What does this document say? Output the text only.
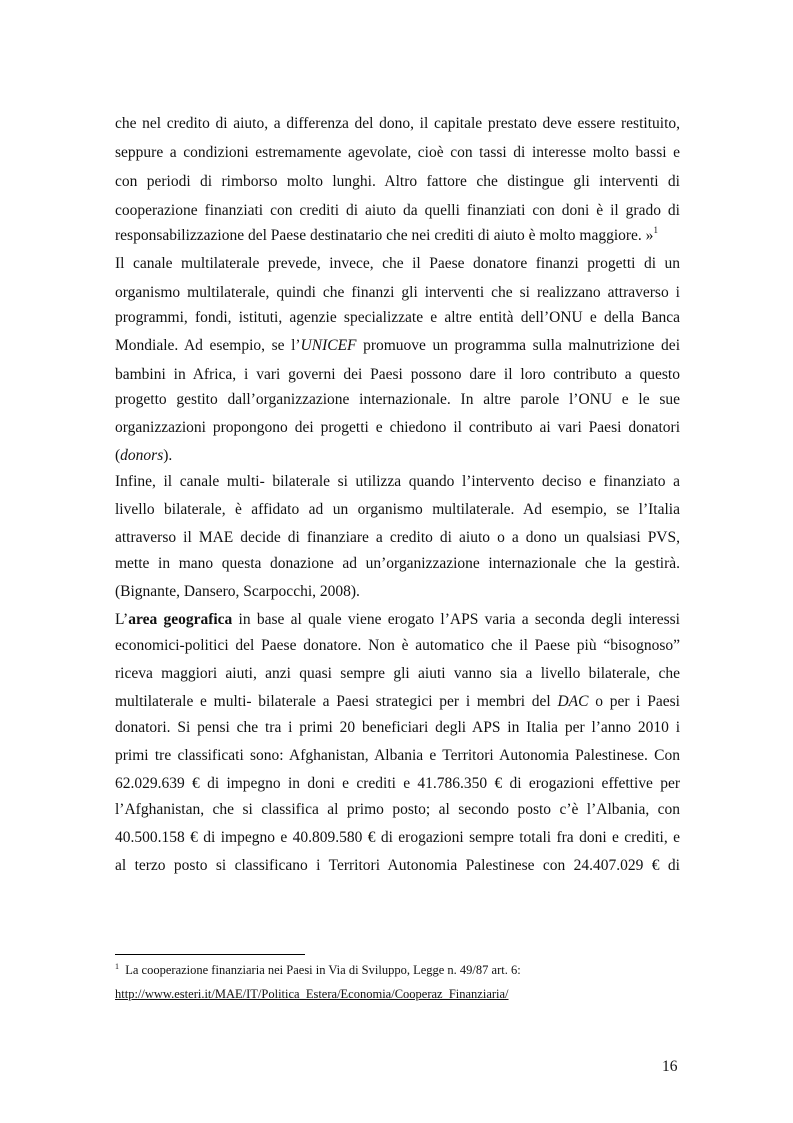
che nel credito di aiuto, a differenza del dono, il capitale prestato deve essere restituito,
seppure a condizioni estremamente agevolate, cioè con tassi di interesse molto bassi e
con periodi di rimborso molto lunghi. Altro fattore che distingue gli interventi di
cooperazione finanziati con crediti di aiuto da quelli finanziati con doni è il grado di
responsabilizzazione del Paese destinatario che nei crediti di aiuto è molto maggiore. »$^1$
Il canale multilaterale prevede, invece, che il Paese donatore finanzi progetti di un
organismo multilaterale, quindi che finanzi gli interventi che si realizzano attraverso i
programmi, fondi, istituti, agenzie specializzate e altre entità dell’ONU e della Banca
Mondiale. Ad esempio, se l’UNICEF promuove un programma sulla malnutrizione dei
bambini in Africa, i vari governi dei Paesi possono dare il loro contributo a questo
progetto gestito dall’organizzazione internazionale. In altre parole l’ONU e le sue
organizzazioni propongono dei progetti e chiedono il contributo ai vari Paesi donatori
(donors).
Infine, il canale multi- bilaterale si utilizza quando l’intervento deciso e finanziato a
livello bilaterale, è affidato ad un organismo multilaterale. Ad esempio, se l’Italia
attraverso il MAE decide di finanziare a credito di aiuto o a dono un qualsiasi PVS,
mette in mano questa donazione ad un’organizzazione internazionale che la gestirà.
(Bignante, Dansero, Scarpocchi, 2008).
L’area geografica in base al quale viene erogato l’APS varia a seconda degli interessi
economici-politici del Paese donatore. Non è automatico che il Paese più “bisognoso”
riceva maggiori aiuti, anzi quasi sempre gli aiuti vanno sia a livello bilaterale, che
multilaterale e multi- bilaterale a Paesi strategici per i membri del DAC o per i Paesi
donatori. Si pensi che tra i primi 20 beneficiari degli APS in Italia per l’anno 2010 i
primi tre classificati sono: Afghanistan, Albania e Territori Autonomia Palestinese. Con
62.029.639 € di impegno in doni e crediti e 41.786.350 € di erogazioni effettive per
l’Afghanistan, che si classifica al primo posto; al secondo posto c’è l’Albania, con
40.500.158 € di impegno e 40.809.580 € di erogazioni sempre totali fra doni e crediti, e
al terzo posto si classificano i Territori Autonomia Palestinese con 24.407.029 € di
$^1$ La cooperazione finanziaria nei Paesi in Via di Sviluppo, Legge n. 49/87 art. 6:
http://www.esteri.it/MAE/IT/Politica_Estera/Economia/Cooperaz_Finanziaria/
16
